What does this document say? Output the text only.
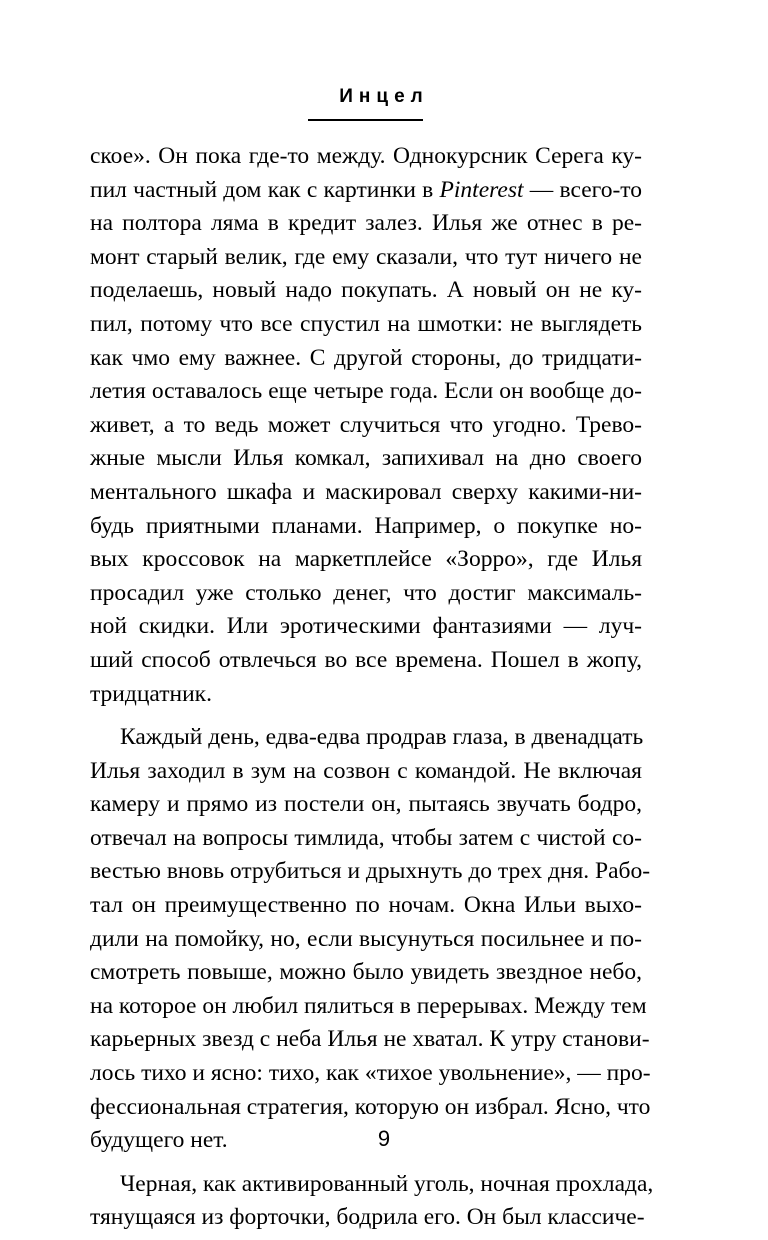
Инцел
ское». Он пока где-то между. Однокурсник Серега ку-
пил частный дом как с картинки в Pinterest — всего-то
на полтора ляма в кредит залез. Илья же отнес в ре-
монт старый велик, где ему сказали, что тут ничего не
поделаешь, новый надо покупать. А новый он не ку-
пил, потому что все спустил на шмотки: не выглядеть
как чмо ему важнее. С другой стороны, до тридцати-
летия оставалось еще четыре года. Если он вообще до-
живет, а то ведь может случиться что угодно. Трево-
жные мысли Илья комкал, запихивал на дно своего
ментального шкафа и маскировал сверху какими-ни-
будь приятными планами. Например, о покупке но-
вых кроссовок на маркетплейсе «Зорро», где Илья
просадил уже столько денег, что достиг максималь-
ной скидки. Или эротическими фантазиями — луч-
ший способ отвлечься во все времена. Пошел в жопу,
тридцатник.
Каждый день, едва-едва продрав глаза, в двенадцать
Илья заходил в зум на созвон с командой. Не включая
камеру и прямо из постели он, пытаясь звучать бодро,
отвечал на вопросы тимлида, чтобы затем с чистой со-
вестью вновь отрубиться и дрыхнуть до трех дня. Рабо-
тал он преимущественно по ночам. Окна Ильи выхо-
дили на помойку, но, если высунуться посильнее и по-
смотреть повыше, можно было увидеть звездное небо,
на которое он любил пялиться в перерывах. Между тем
карьерных звезд с неба Илья не хватал. К утру станови-
лось тихо и ясно: тихо, как «тихое увольнение», — про-
фессиональная стратегия, которую он избрал. Ясно, что
будущего нет.
Черная, как активированный уголь, ночная прохлада,
тянущаяся из форточки, бодрила его. Он был классиче-
9
